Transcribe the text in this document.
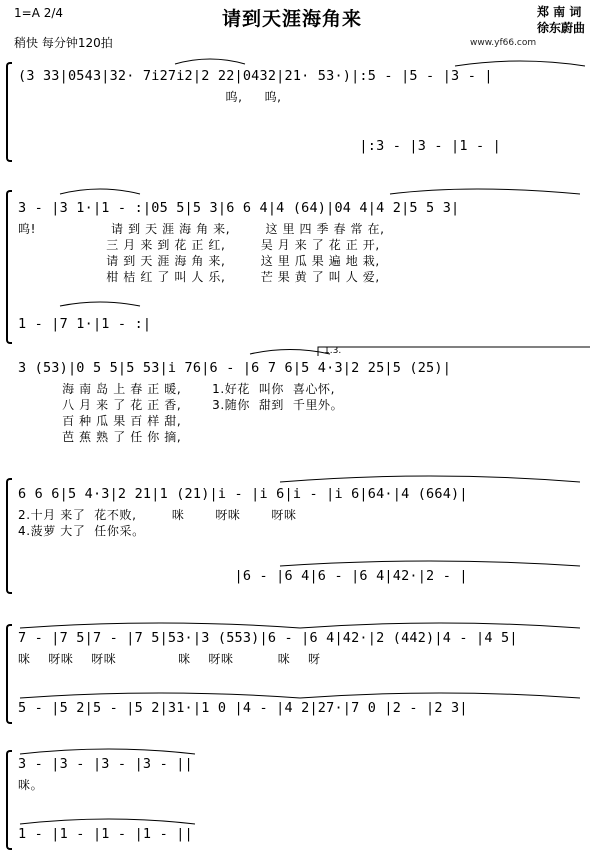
1=A 2/4	请到天涯海角来	郑 南 词
徐东蔚曲
稍快 每分钟120拍	www.yf66.com
(3 33|0543|32· 7i27i2|2 22|0432|21· 53·)|:5 - |5 - |3 - |
呜,     呜,
|:3 - |3 - |1 - |
3 - |3 1·|1 - :|05 5|5 3|6 6 4|4 (64)|04 4|4 2|5 5 3|
呜!                 请 到 天 涯 海 角 来,        这 里 四 季 春 常 在,
三 月 来 到 花 正 红,        吴 月 来 了 花 正 开,
请 到 天 涯 海 角 来,        这 里 瓜 果 遍 地 栽,
柑 桔 红 了 叫 人 乐,        芒 果 黄 了 叫 人 爱,
1 - |7 1·|1 - :|
1.3.
3 (53)|0 5 5|5 53|i 76|6 - |6 7 6|5 4·3|2 25|5 (25)|
海 南 岛 上 春 正 暖,       1.好花  叫你  喜心怀,
八 月 来 了 花 正 香,       3.随你  甜到  千里外。
百 种 瓜 果 百 样 甜,
芭 蕉 熟 了 任 你 摘,
6 6 6|5 4·3|2 21|1 (21)|i - |i 6|i - |i 6|64·|4 (664)|
2.十月 来了  花不败,        咪       呀咪       呀咪
4.菠萝 大了  任你采。
|6 - |6 4|6 - |6 4|42·|2 - |
7 - |7 5|7 - |7 5|53·|3 (553)|6 - |6 4|42·|2 (442)|4 - |4 5|
咪    呀咪    呀咪              咪    呀咪          咪    呀
5 - |5 2|5 - |5 2|31·|1 0 |4 - |4 2|27·|7 0 |2 - |2 3|
3 - |3 - |3 - |3 - ||
咪。
1 - |1 - |1 - |1 - ||
